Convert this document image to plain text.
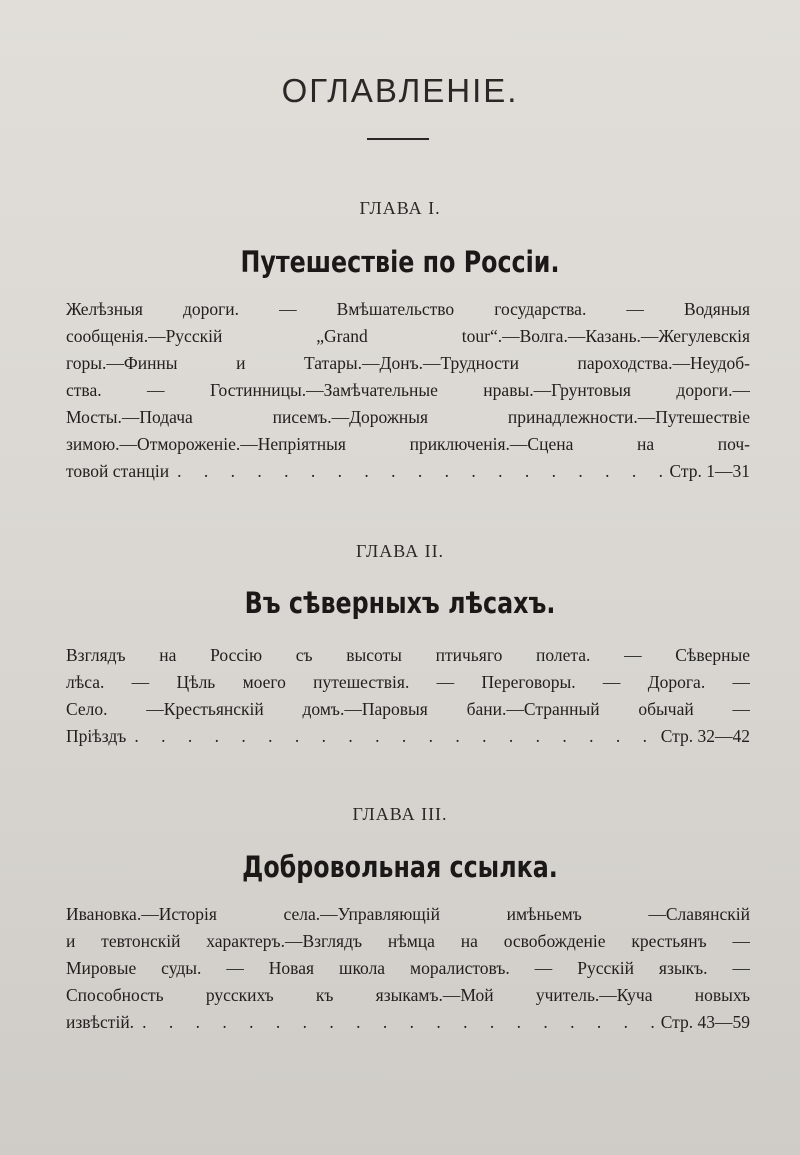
ОГЛАВЛЕНІЕ.
ГЛАВА I.
Путешествіе по Россіи.
Желѣзныя дороги. — Вмѣшательство государства. — Водяныя
сообщенія.—Русскій „Grand tour“.—Волга.—Казань.—Жегулевскія
горы.—Финны и Татары.—Донъ.—Трудности пароходства.—Неудоб-
ства. — Гостинницы.—Замѣчательные нравы.—Грунтовыя дороги.—
Мосты.—Подача писемъ.—Дорожныя принадлежности.—Путешествіе
зимою.—Отмороженіе.—Непріятныя приключенія.—Сцена на поч-
товой станціи . . .	Стр. 1—31
ГЛАВА II.
Въ сѣверныхъ лѣсахъ.
Взглядъ на Россію съ высоты птичьяго полета. — Сѣверные
лѣса. — Цѣль моего путешествія. — Переговоры. — Дорога. —
Село. —Крестьянскій домъ.—Паровыя бани.—Странный обычай —
Пріѣздъ . . .	Стр. 32—42
ГЛАВА III.
Добровольная ссылка.
Ивановка.—Исторія села.—Управляющій имѣньемъ —Славянскій
и тевтонскій характеръ.—Взглядъ нѣмца на освобожденіе крестьянъ —
Мировые суды. — Новая школа моралистовъ. — Русскій языкъ. —
Способность русскихъ къ языкамъ.—Мой учитель.—Куча новыхъ
извѣстій. . . .	Стр. 43—59
